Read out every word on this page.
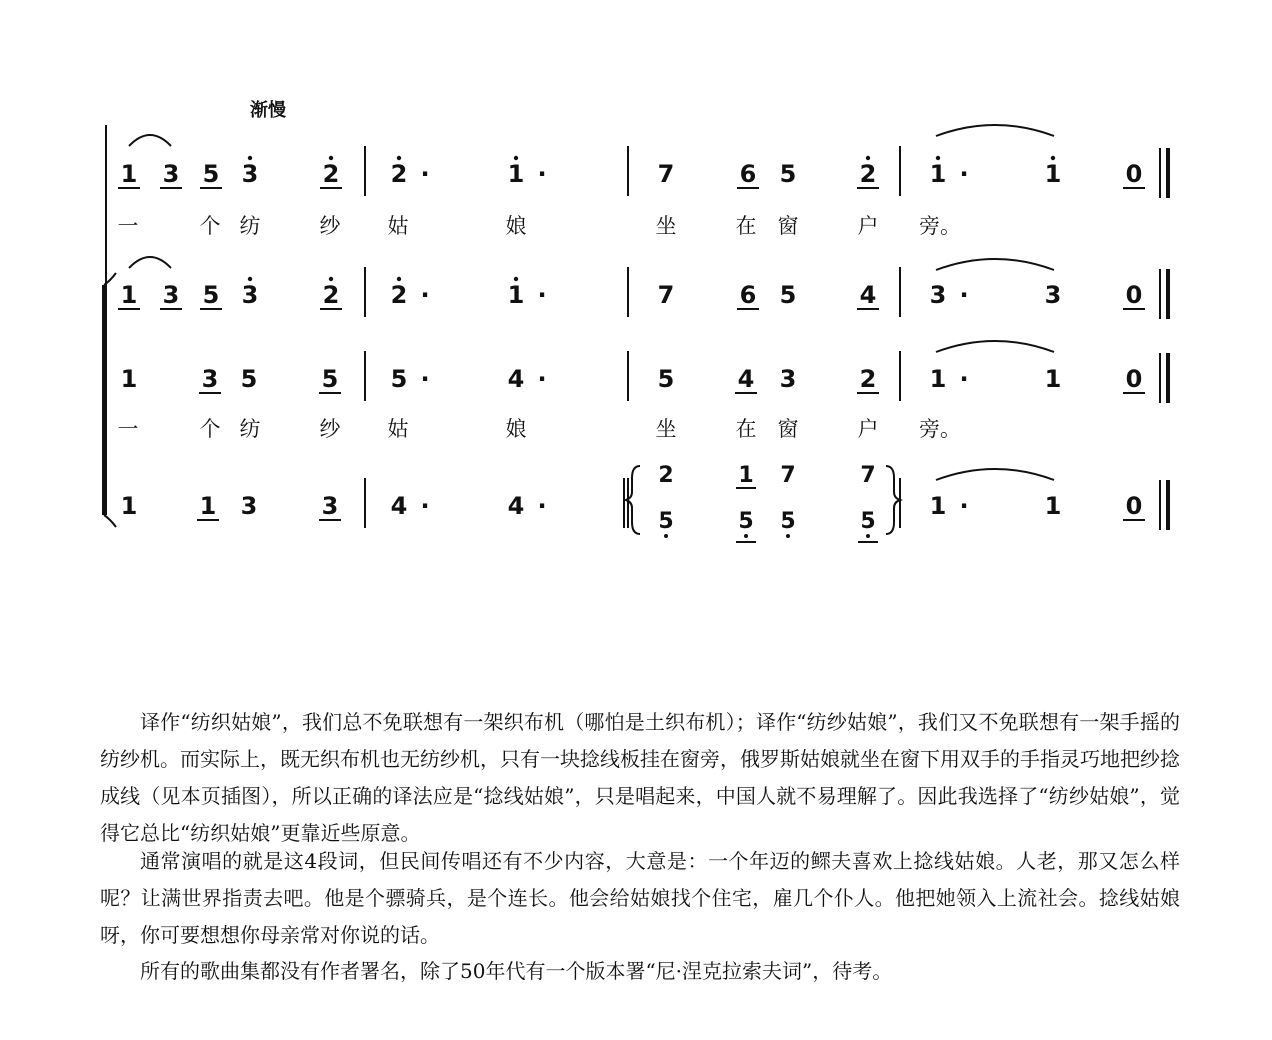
渐慢
1 3 5 3	2 2 ·	1 ·	7	6 5	2 1 ·	1	0
1 3 5 3	2 2 ·	1 ·	7	6 5	4 3 ·	3	0
1	3 5	5 5 ·	4 ·	5	4 3	2 1 ·	1	0
1	1 3	3 4 ·	4 ·
2
5
1
5
7
5
7
5
1 ·	1	0
一	个 纺	纱 姑	娘	坐	在 窗	户 旁。
一	个 纺	纱 姑	娘	坐	在 窗	户 旁。
译作“纺织姑娘”，我们总不免联想有一架织布机（哪怕是土织布机）；译作“纺纱姑娘”，我们又不免联想有一架手摇的纺纱机。而实际上，既无织布机也无纺纱机，只有一块捻线板挂在窗旁，俄罗斯姑娘就坐在窗下用双手的手指灵巧地把纱捻成线（见本页插图），所以正确的译法应是“捻线姑娘”，只是唱起来，中国人就不易理解了。因此我选择了“纺纱姑娘”，觉得它总比“纺织姑娘”更靠近些原意。
通常演唱的就是这4段词，但民间传唱还有不少内容，大意是：一个年迈的鳏夫喜欢上捻线姑娘。人老，那又怎么样呢？让满世界指责去吧。他是个骠骑兵，是个连长。他会给姑娘找个住宅，雇几个仆人。他把她领入上流社会。捻线姑娘呀，你可要想想你母亲常对你说的话。
所有的歌曲集都没有作者署名，除了50年代有一个版本署“尼·涅克拉索夫词”，待考。
